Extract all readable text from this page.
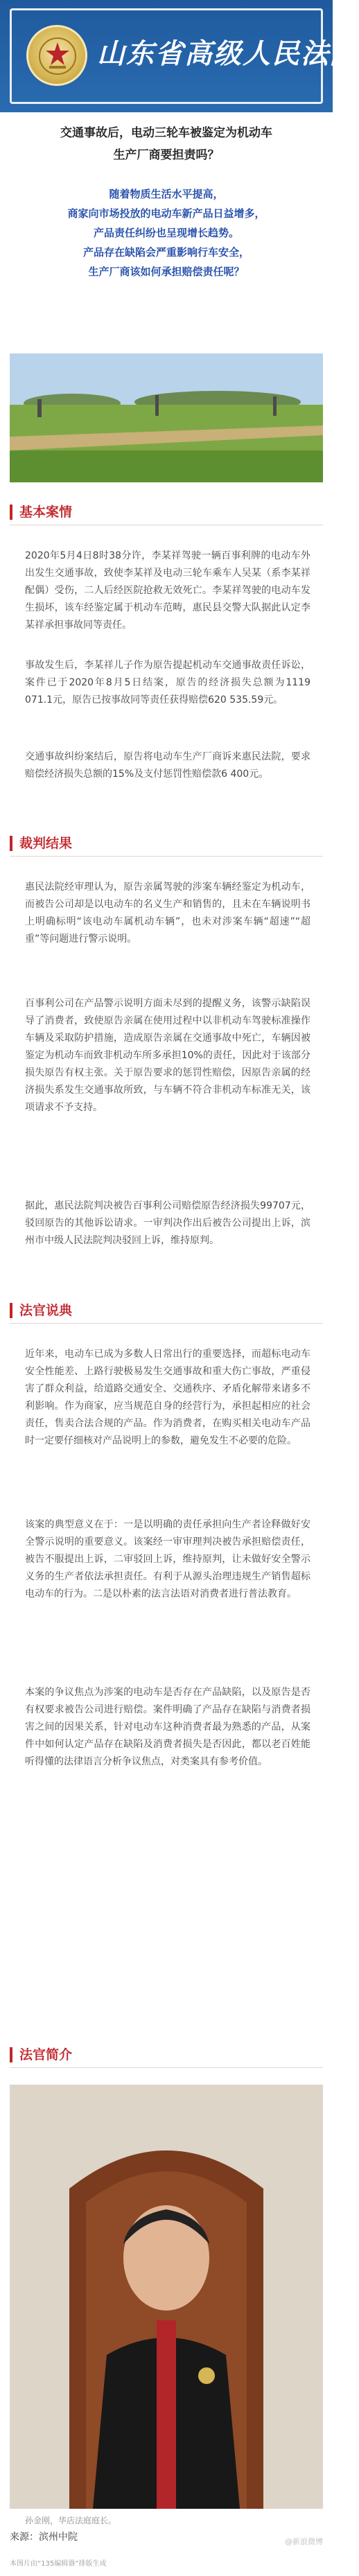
山东省高级人民法院
交通事故后，电动三轮车被鉴定为机动车
生产厂商要担责吗？
随着物质生活水平提高，
商家向市场投放的电动车新产品日益增多，
产品责任纠纷也呈现增长趋势。
产品存在缺陷会严重影响行车安全，
生产厂商该如何承担赔偿责任呢？
基本案情
2020年5月4日8时38分许，李某祥驾驶一辆百事利牌的电动车外出发生交通事故，致使李某祥及电动三轮车乘车人吴某（系李某祥配偶）受伤，二人后经医院抢救无效死亡。李某祥驾驶的电动车发生损坏，该车经鉴定属于机动车范畴，惠民县交警大队据此认定李某祥承担事故同等责任。
事故发生后，李某祥儿子作为原告提起机动车交通事故责任诉讼，案件已于2020年8月5日结案，原告的经济损失总额为1119 071.1元，原告已按事故同等责任获得赔偿620 535.59元。
交通事故纠纷案结后，原告将电动车生产厂商诉来惠民法院，要求赔偿经济损失总额的15%及支付惩罚性赔偿款6 400元。
裁判结果
惠民法院经审理认为，原告亲属驾驶的涉案车辆经鉴定为机动车，而被告公司却是以电动车的名义生产和销售的，且未在车辆说明书上明确标明“该电动车属机动车辆”，也未对涉案车辆“超速”“超重”等问题进行警示说明。
百事利公司在产品警示说明方面未尽到的提醒义务，该警示缺陷误导了消费者，致使原告亲属在使用过程中以非机动车驾驶标准操作车辆及采取防护措施，造成原告亲属在交通事故中死亡，车辆因被鉴定为机动车而致非机动车所多承担10%的责任，因此对于该部分损失原告有权主张。关于原告要求的惩罚性赔偿，因原告亲属的经济损失系发生交通事故所致，与车辆不符合非机动车标准无关，该项请求不予支持。
据此，惠民法院判决被告百事利公司赔偿原告经济损失99707元，驳回原告的其他诉讼请求。一审判决作出后被告公司提出上诉，滨州市中级人民法院判决驳回上诉，维持原判。
法官说典
近年来，电动车已成为多数人日常出行的重要选择，而超标电动车安全性能差、上路行驶极易发生交通事故和重大伤亡事故，严重侵害了群众利益，给道路交通安全、交通秩序、矛盾化解带来诸多不利影响。作为商家，应当规范自身的经营行为，承担起相应的社会责任，售卖合法合规的产品。作为消费者，在购买相关电动车产品时一定要仔细核对产品说明上的参数，避免发生不必要的危险。
该案的典型意义在于：一是以明确的责任承担向生产者诠释做好安全警示说明的重要意义。该案经一审审理判决被告承担赔偿责任，被告不服提出上诉，二审驳回上诉，维持原判，让未做好安全警示义务的生产者依法承担责任。有利于从源头治理违规生产销售超标电动车的行为。二是以朴素的法言法语对消费者进行普法教育。
本案的争议焦点为涉案的电动车是否存在产品缺陷，以及原告是否有权要求被告公司进行赔偿。案件明确了产品存在缺陷与消费者损害之间的因果关系，针对电动车这种消费者最为熟悉的产品，从案件中如何认定产品存在缺陷及消费者损失是否因此，都以老百姓能听得懂的法律语言分析争议焦点，对类案具有参考价值。
法官简介
孙金刚，华店法庭庭长。
来源：滨州中院
本图片由“135编辑器”排版生成
@新浪微博
